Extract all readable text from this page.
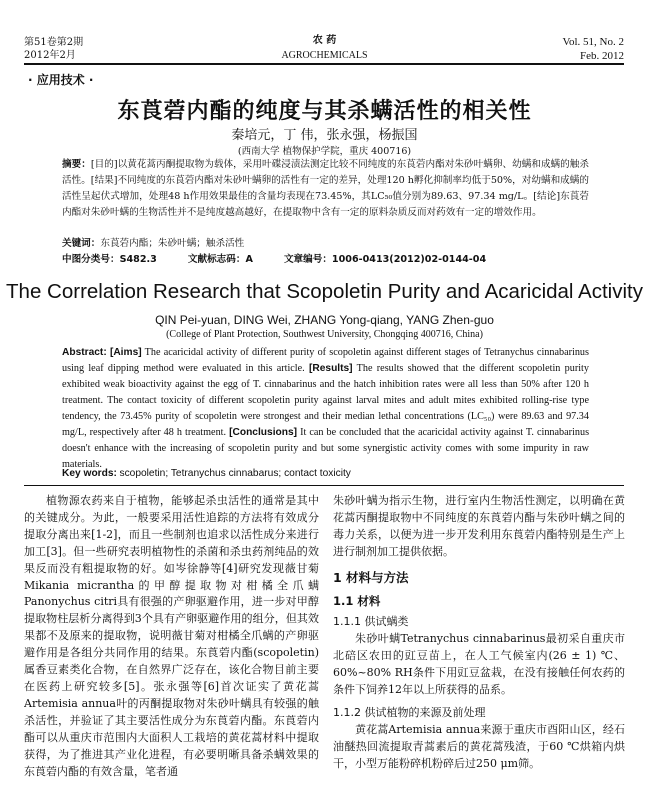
第51卷第2期
2012年2月
农 药
AGROCHEMICALS
Vol. 51, No. 2
Feb. 2012
· 应用技术 ·
东莨菪内酯的纯度与其杀螨活性的相关性
秦培元，丁 伟，张永强，杨振国
(西南大学 植物保护学院，重庆 400716)
摘要：[目的]以黄花蒿丙酮提取物为载体，采用叶碟浸渍法测定比较不同纯度的东莨菪内酯对朱砂叶螨卵、幼螨和成螨的触杀活性。[结果]不同纯度的东莨菪内酯对朱砂叶螨卵的活性有一定的差异，处理120 h孵化抑制率均低于50%，对幼螨和成螨的活性呈起伏式增加，处理48 h作用效果最佳的含量均表现在73.45%，其LC₅₀值分别为89.63、97.34 mg/L。[结论]东莨菪内酯对朱砂叶螨的生物活性并不是纯度越高越好，在提取物中含有一定的原料杂质反而对药效有一定的增效作用。
关键词：东莨菪内酯；朱砂叶螨；触杀活性
中图分类号：S482.3	文献标志码：A	文章编号：1006-0413(2012)02-0144-04
The Correlation Research that Scopoletin Purity and Acaricidal Activity
QIN Pei-yuan, DING Wei, ZHANG Yong-qiang, YANG Zhen-guo
(College of Plant Protection, Southwest University, Chongqing 400716, China)
Abstract: [Aims] The acaricidal activity of different purity of scopoletin against different stages of Tetranychus cinnabarinus using leaf dipping method were evaluated in this article. [Results] The results showed that the different scopoletin purity exhibited weak bioactivity against the egg of T. cinnabarinus and the hatch inhibition rates were all less than 50% after 120 h treatment. The contact toxicity of different scopoletin purity against larval mites and adult mites exhibited rolling-rise type tendency, the 73.45% purity of scopoletin were strongest and their median lethal concentrations (LC₅₀) were 89.63 and 97.34 mg/L, respectively after 48 h treatment. [Conclusions] It can be concluded that the acaricidal activity against T. cinnabarinus doesn't enhance with the increasing of scopoletin purity and but some synergistic activity comes with some impurity in raw materials.
Key words: scopoletin; Tetranychus cinnabarus; contact toxicity

植物源农药来自于植物，能够起杀虫活性的通常是其中的关键成分。为此，一般要采用活性追踪的方法将有效成分提取分离出来[1-2]，而且一些制剂也追求以活性成分来进行加工[3]。但一些研究表明植物性的杀菌和杀虫药剂纯品的效果反而没有粗提取物的好。如岑徐静等[4]研究发现薇甘菊Mikania micrantha的甲醇提取物对柑橘全爪螨Panonychus citri具有很强的产卵驱避作用，进一步对甲醇提取物柱层析分离得到3个具有产卵驱避作用的组分，但其效果都不及原来的提取物，说明薇甘菊对柑橘全爪螨的产卵驱避作用是各组分共同作用的结果。东莨菪内酯(scopoletin)属香豆素类化合物，在自然界广泛存在，该化合物目前主要在医药上研究较多[5]。张永强等[6]首次证实了黄花蒿Artemisia annua叶的丙酮提取物对朱砂叶螨具有较强的触杀活性，并验证了其主要活性成分为东莨菪内酯。东莨菪内酯可以从重庆市范围内大面积人工栽培的黄花蒿材料中提取获得，为了推进其产业化进程，有必要明晰具备杀螨效果的东莨菪内酯的有效含量，笔者通

朱砂叶螨为指示生物，进行室内生物活性测定，以明确在黄花蒿丙酮提取物中不同纯度的东莨菪内酯与朱砂叶螨之间的毒力关系，以便为进一步开发利用东莨菪内酯特别是生产上进行制剂加工提供依据。

1 材料与方法
1.1 材料
1.1.1 供试螨类

朱砂叶螨Tetranychus cinnabarinus最初采自重庆市北碚区农田的豇豆苗上，在人工气候室内(26 ± 1) ℃、60%~80% RH条件下用豇豆盆栽，在没有接触任何农药的条件下饲养12年以上所获得的品系。

1.1.2 供试植物的来源及前处理

黄花蒿Artemisia annua来源于重庆市酉阳山区，经石油醚热回流提取青蒿素后的黄花蒿残渣，于60 ℃烘箱内烘干，小型万能粉碎机粉碎后过250 μm筛。
